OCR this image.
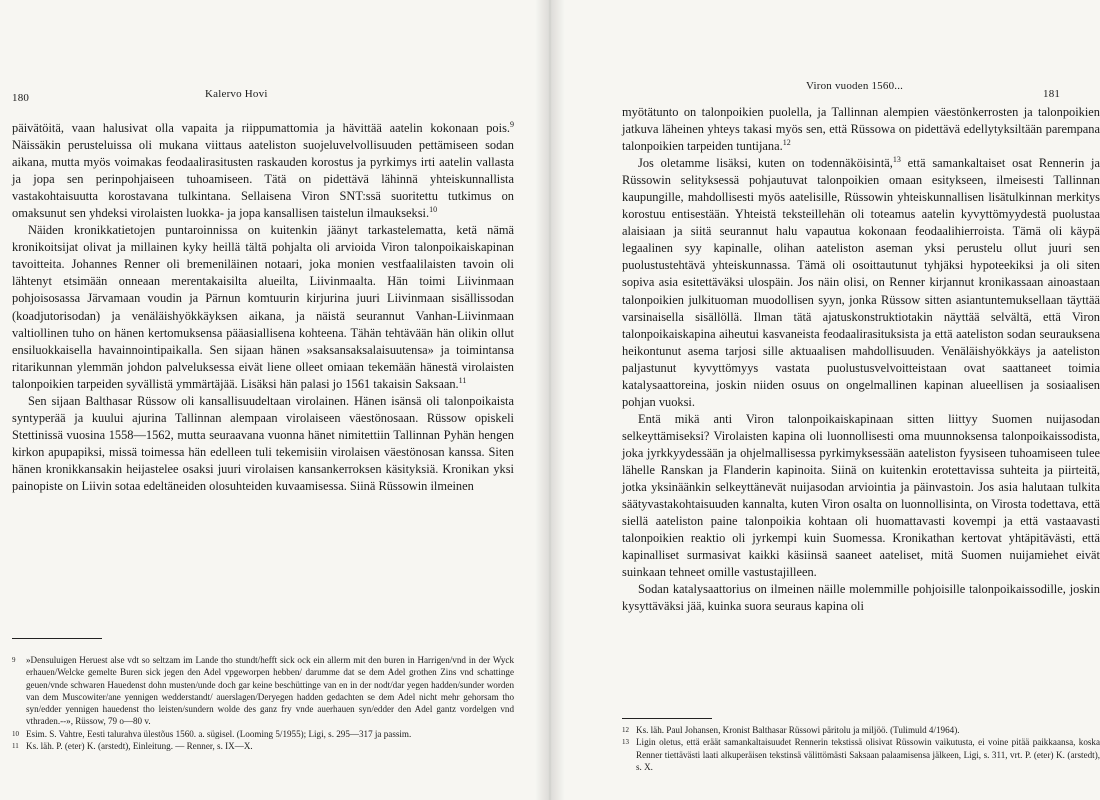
180	Kalervo Hovi

päivätöitä, vaan halusivat olla vapaita ja riippumattomia ja hävittää aatelin kokonaan pois.$^9$ Näissäkin perusteluissa oli mukana viittaus aateliston suojeluvelvollisuuden pettämiseen sodan aikana, mutta myös voimakas feodaalirasitusten raskauden korostus ja pyrkimys irti aatelin vallasta ja jopa sen perinpohjaiseen tuhoamiseen. Tätä on pidettävä lähinnä yhteiskunnallista vastakohtaisuutta korostavana tulkintana. Sellaisena Viron SNT:ssä suoritettu tutkimus on omaksunut sen yhdeksi virolaisten luokka- ja jopa kansallisen taistelun ilmaukseksi.$^{10}$

Näiden kronikkatietojen puntaroinnissa on kuitenkin jäänyt tarkastelematta, ketä nämä kronikoitsijat olivat ja millainen kyky heillä tältä pohjalta oli arvioida Viron talonpoikaiskapinan tavoitteita. Johannes Renner oli bremeniläinen notaari, joka monien vestfaalilaisten tavoin oli lähtenyt etsimään onneaan merentakaisilta alueilta, Liivinmaalta. Hän toimi Liivinmaan pohjoisosassa Järvamaan voudin ja Pärnun komtuurin kirjurina juuri Liivinmaan sisällissodan (koadjutorisodan) ja venäläishyökkäyksen aikana, ja näistä seurannut Vanhan-Liivinmaan valtiollinen tuho on hänen kertomuksensa pääasiallisena kohteena. Tähän tehtävään hän olikin ollut ensiluokkaisella havainnointipaikalla. Sen sijaan hänen »saksansaksalaisuutensa» ja toimintansa ritarikunnan ylemmän johdon palveluksessa eivät liene olleet omiaan tekemään hänestä virolaisten talonpoikien tarpeiden syvällistä ymmärtäjää. Lisäksi hän palasi jo 1561 takaisin Saksaan.$^{11}$

Sen sijaan Balthasar Rüssow oli kansallisuudeltaan virolainen. Hänen isänsä oli talonpoikaista syntyperää ja kuului ajurina Tallinnan alempaan virolaiseen väestönosaan. Rüssow opiskeli Stettinissä vuosina 1558—1562, mutta seuraavana vuonna hänet nimitettiin Tallinnan Pyhän hengen kirkon apupapiksi, missä toimessa hän edelleen tuli tekemisiin virolaisen väestönosan kanssa. Siten hänen kronikkansakin heijastelee osaksi juuri virolaisen kansankerroksen käsityksiä. Kronikan yksi painopiste on Liivin sotaa edeltäneiden olosuhteiden kuvaamisessa. Siinä Rüssowin ilmeinen

9 »Densuluigen Heruest alse vdt so seltzam im Lande tho stundt/hefft sick ock ein allerm mit den buren in Harrigen/vnd in der Wyck erhauen/Welcke gemelte Buren sick jegen den Adel vpgeworpen hebben/ darumme dat se dem Adel grothen Zins vnd schattinge geuen/vnde schwaren Hauedenst dohn musten/unde doch gar keine beschüttinge van en in der nodt/dar yegen hadden/sunder worden van dem Muscowiter/ane yennigen wedderstandt/ auerslagen/Deryegen hadden gedachten se dem Adel nicht mehr gehorsam tho syn/edder yennigen hauedenst tho leisten/sundern wolde des ganz fry vnde auerhauen syn/edder den Adel gantz vordelgen vnd vthraden.--», Rüssow, 79 o—80 v.

10 Esim. S. Vahtre, Eesti talurahva ülestõus 1560. a. sügisel. (Looming 5/1955); Ligi, s. 295—317 ja passim.

11 Ks. läh. P. (eter) K. (arstedt), Einleitung. — Renner, s. IX—X.

Viron vuoden 1560...
181

myötätunto on talonpoikien puolella, ja Tallinnan alempien väestönkerrosten ja talonpoikien jatkuva läheinen yhteys takasi myös sen, että Rüssowa on pidettävä edellytyksiltään parempana talonpoikien tarpeiden tuntijana.$^{12}$

Jos oletamme lisäksi, kuten on todennäköisintä,$^{13}$ että samankaltaiset osat Rennerin ja Rüssowin selityksessä pohjautuvat talonpoikien omaan esitykseen, ilmeisesti Tallinnan kaupungille, mahdollisesti myös aatelisille, Rüssowin yhteiskunnallisen lisätulkinnan merkitys korostuu entisestään. Yhteistä teksteillehän oli toteamus aatelin kyvyttömyydestä puolustaa alaisiaan ja siitä seurannut halu vapautua kokonaan feodaalihierroista. Tämä oli käypä legaalinen syy kapinalle, olihan aateliston aseman yksi perustelu ollut juuri sen puolustustehtävä yhteiskunnassa. Tämä oli osoittautunut tyhjäksi hypoteekiksi ja oli siten sopiva asia esitettäväksi ulospäin. Jos näin olisi, on Renner kirjannut kronikassaan ainoastaan talonpoikien julkituoman muodollisen syyn, jonka Rüssow sitten asiantuntemuksellaan täyttää varsinaisella sisällöllä. Ilman tätä ajatuskonstruktiotakin näyttää selvältä, että Viron talonpoikaiskapina aiheutui kasvaneista feodaalirasituksista ja että aateliston sodan seurauksena heikontunut asema tarjosi sille aktuaalisen mahdollisuuden. Venäläishyökkäys ja aateliston paljastunut kyvyttömyys vastata puolustusvelvoitteistaan ovat saattaneet toimia katalysaattoreina, joskin niiden osuus on ongelmallinen kapinan alueellisen ja sosiaalisen pohjan vuoksi.

Entä mikä anti Viron talonpoikaiskapinaan sitten liittyy Suomen nuijasodan selkeyttämiseksi? Virolaisten kapina oli luonnollisesti oma muunnoksensa talonpoikaissodista, joka jyrkkyydessään ja ohjelmallisessa pyrkimyksessään aateliston fyysiseen tuhoamiseen tulee lähelle Ranskan ja Flanderin kapinoita. Siinä on kuitenkin erotettavissa suhteita ja piirteitä, jotka yksinäänkin selkeyttänevät nuijasodan arviointia ja päinvastoin. Jos asia halutaan tulkita säätyvastakohtaisuuden kannalta, kuten Viron osalta on luonnollisinta, on Virosta todettava, että siellä aateliston paine talonpoikia kohtaan oli huomattavasti kovempi ja että vastaavasti talonpoikien reaktio oli jyrkempi kuin Suomessa. Kronikathan kertovat yhtäpitävästi, että kapinalliset surmasivat kaikki käsiinsä saaneet aateliset, mitä Suomen nuijamiehet eivät suinkaan tehneet omille vastustajilleen.

Sodan katalysaattorius on ilmeinen näille molemmille pohjoisille talonpoikaissodille, joskin kysyttäväksi jää, kuinka suora seuraus kapina oli

12 Ks. läh. Paul Johansen, Kronist Balthasar Rüssowi päritolu ja miljöö. (Tulimuld 4/1964).

13 Ligin oletus, että eräät samankaltaisuudet Rennerin tekstissä olisivat Rüssowin vaikutusta, ei voine pitää paikkaansa, koska Renner tiettävästi laati alkuperäisen tekstinsä välittömästi Saksaan palaamisensa jälkeen, Ligi, s. 311, vrt. P. (eter) K. (arstedt), s. X.
